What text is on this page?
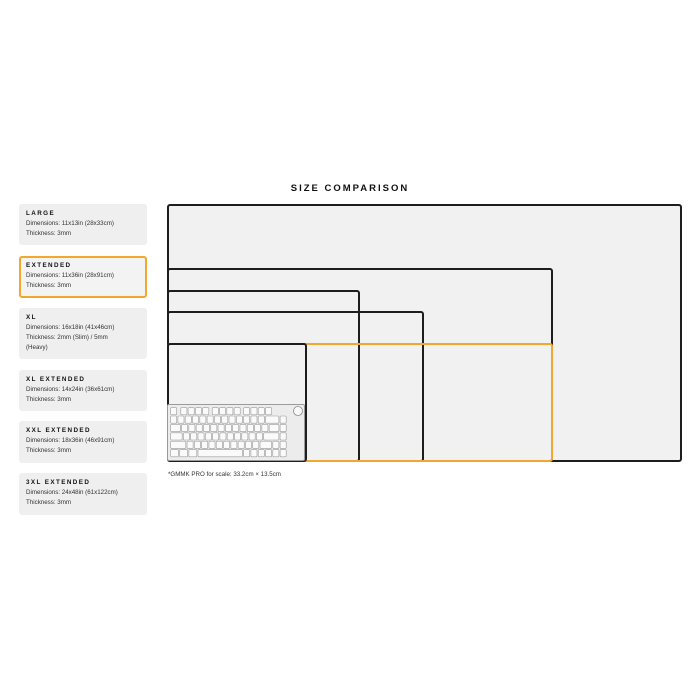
SIZE COMPARISON
LARGE
Dimensions: 11x13in (28x33cm)
Thickness: 3mm
EXTENDED
Dimensions: 11x36in (28x91cm)
Thickness: 3mm
XL
Dimensions: 16x18in (41x46cm)
Thickness: 2mm (Slim) / 5mm
(Heavy)
XL EXTENDED
Dimensions: 14x24in (36x61cm)
Thickness: 3mm
XXL EXTENDED
Dimensions: 18x36in (46x91cm)
Thickness: 3mm
3XL EXTENDED
Dimensions: 24x48in (61x122cm)
Thickness: 3mm
*GMMK PRO for scale: 33.2cm × 13.5cm
